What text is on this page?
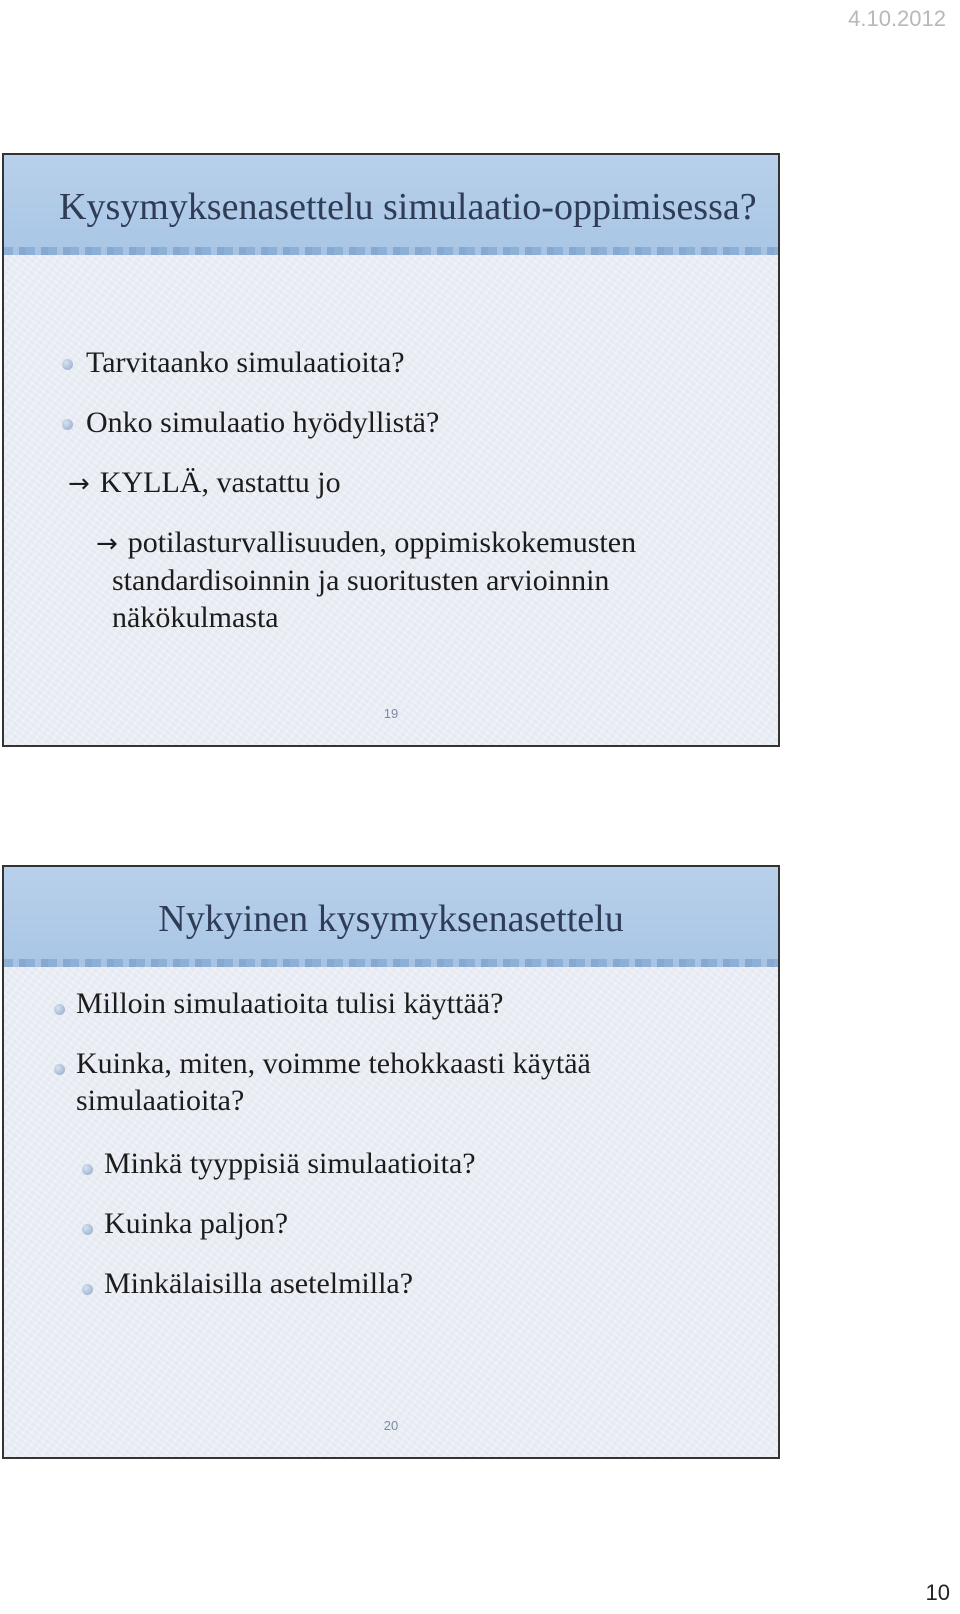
4.10.2012
Kysymyksenasettelu simulaatio-oppimisessa?
Tarvitaanko simulaatioita?
Onko simulaatio hyödyllistä?
→ KYLLÄ, vastattu jo
→ potilasturvallisuuden, oppimiskokemusten
standardisoinnin ja suoritusten arvioinnin
näkökulmasta
19
Nykyinen kysymyksenasettelu
Milloin simulaatioita tulisi käyttää?
Kuinka, miten, voimme tehokkaasti käytää
simulaatioita?
Minkä tyyppisiä simulaatioita?
Kuinka paljon?
Minkälaisilla asetelmilla?
20
10
